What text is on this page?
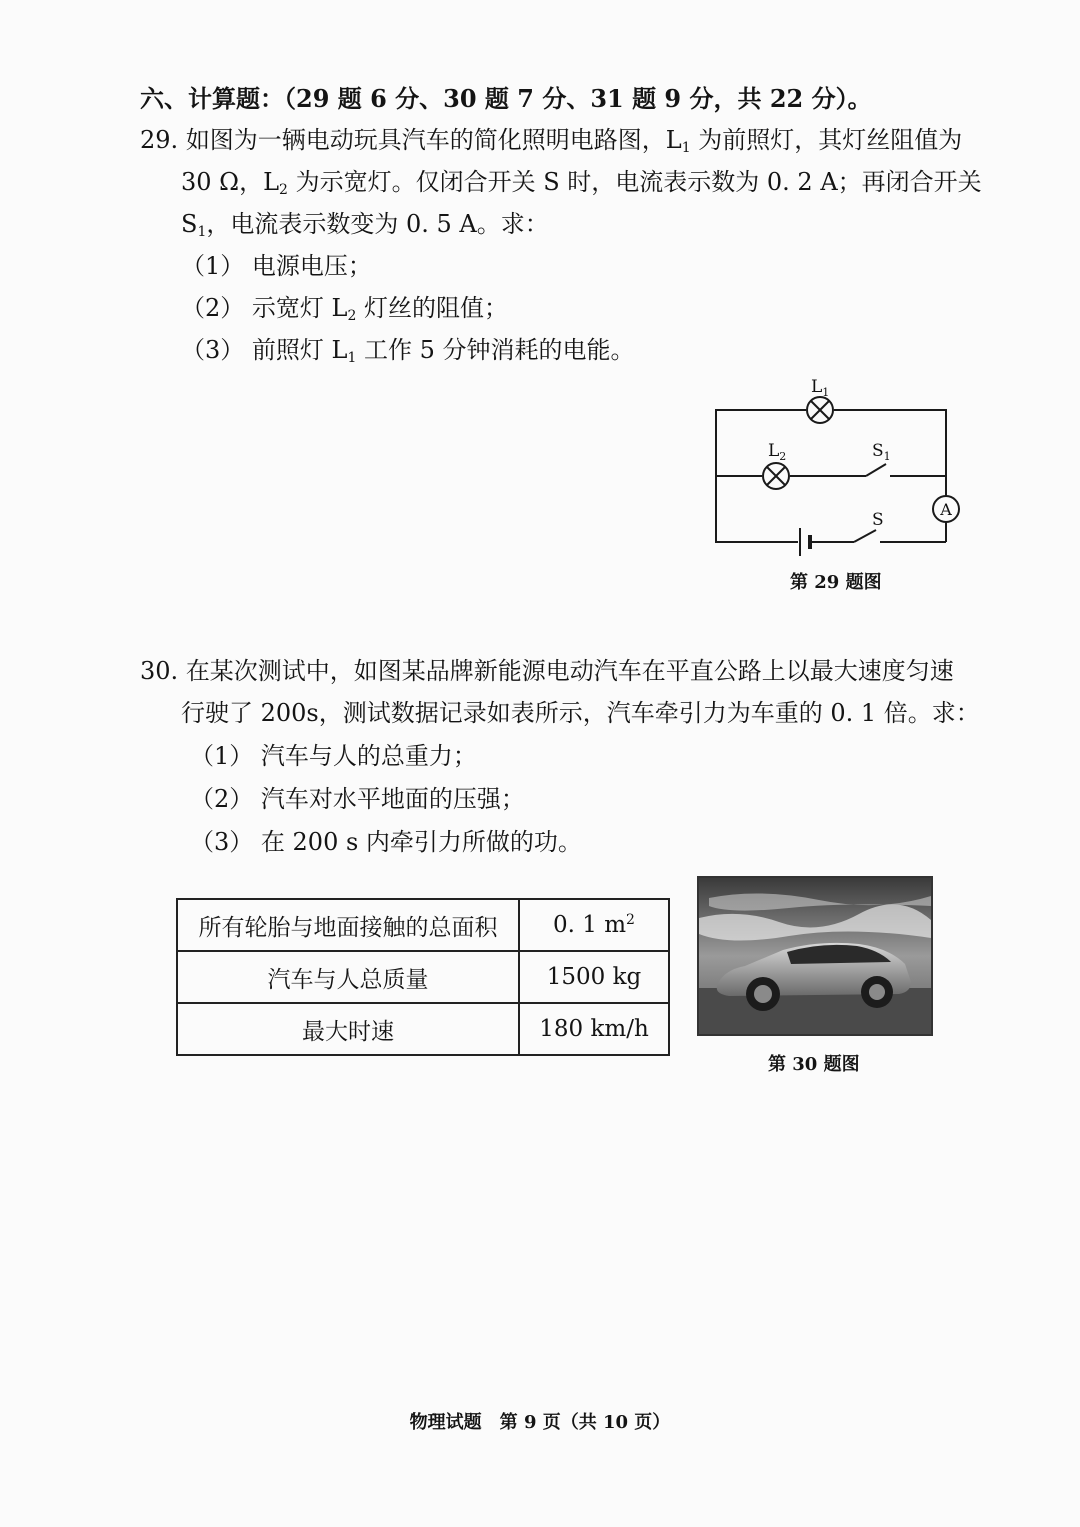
六、计算题：（29 题 6 分、30 题 7 分、31 题 9 分，共 22 分）。
29. 如图为一辆电动玩具汽车的简化照明电路图，$L_1$ 为前照灯，其灯丝阻值为
30 Ω，$L_2$ 为示宽灯。仅闭合开关 S 时，电流表示数为 0. 2 A；再闭合开关
$S_1$，电流表示数变为 0. 5 A。求：
（1） 电源电压；
（2） 示宽灯 $L_2$ 灯丝的阻值；
（3） 前照灯 $L_1$ 工作 5 分钟消耗的电能。
A
$L_1$
$L_2$	$S_1$
S
第 29 题图
30. 在某次测试中，如图某品牌新能源电动汽车在平直公路上以最大速度匀速
行驶了 200s，测试数据记录如表所示，汽车牵引力为车重的 0. 1 倍。求：
（1） 汽车与人的总重力；
（2） 汽车对水平地面的压强；
（3） 在 200 s 内牵引力所做的功。
所有轮胎与地面接触的总面积	0. 1 $m^2$
汽车与人总质量	1500 kg
最大时速	180 km/h
第 30 题图
物理试题　第 9 页（共 10 页）
